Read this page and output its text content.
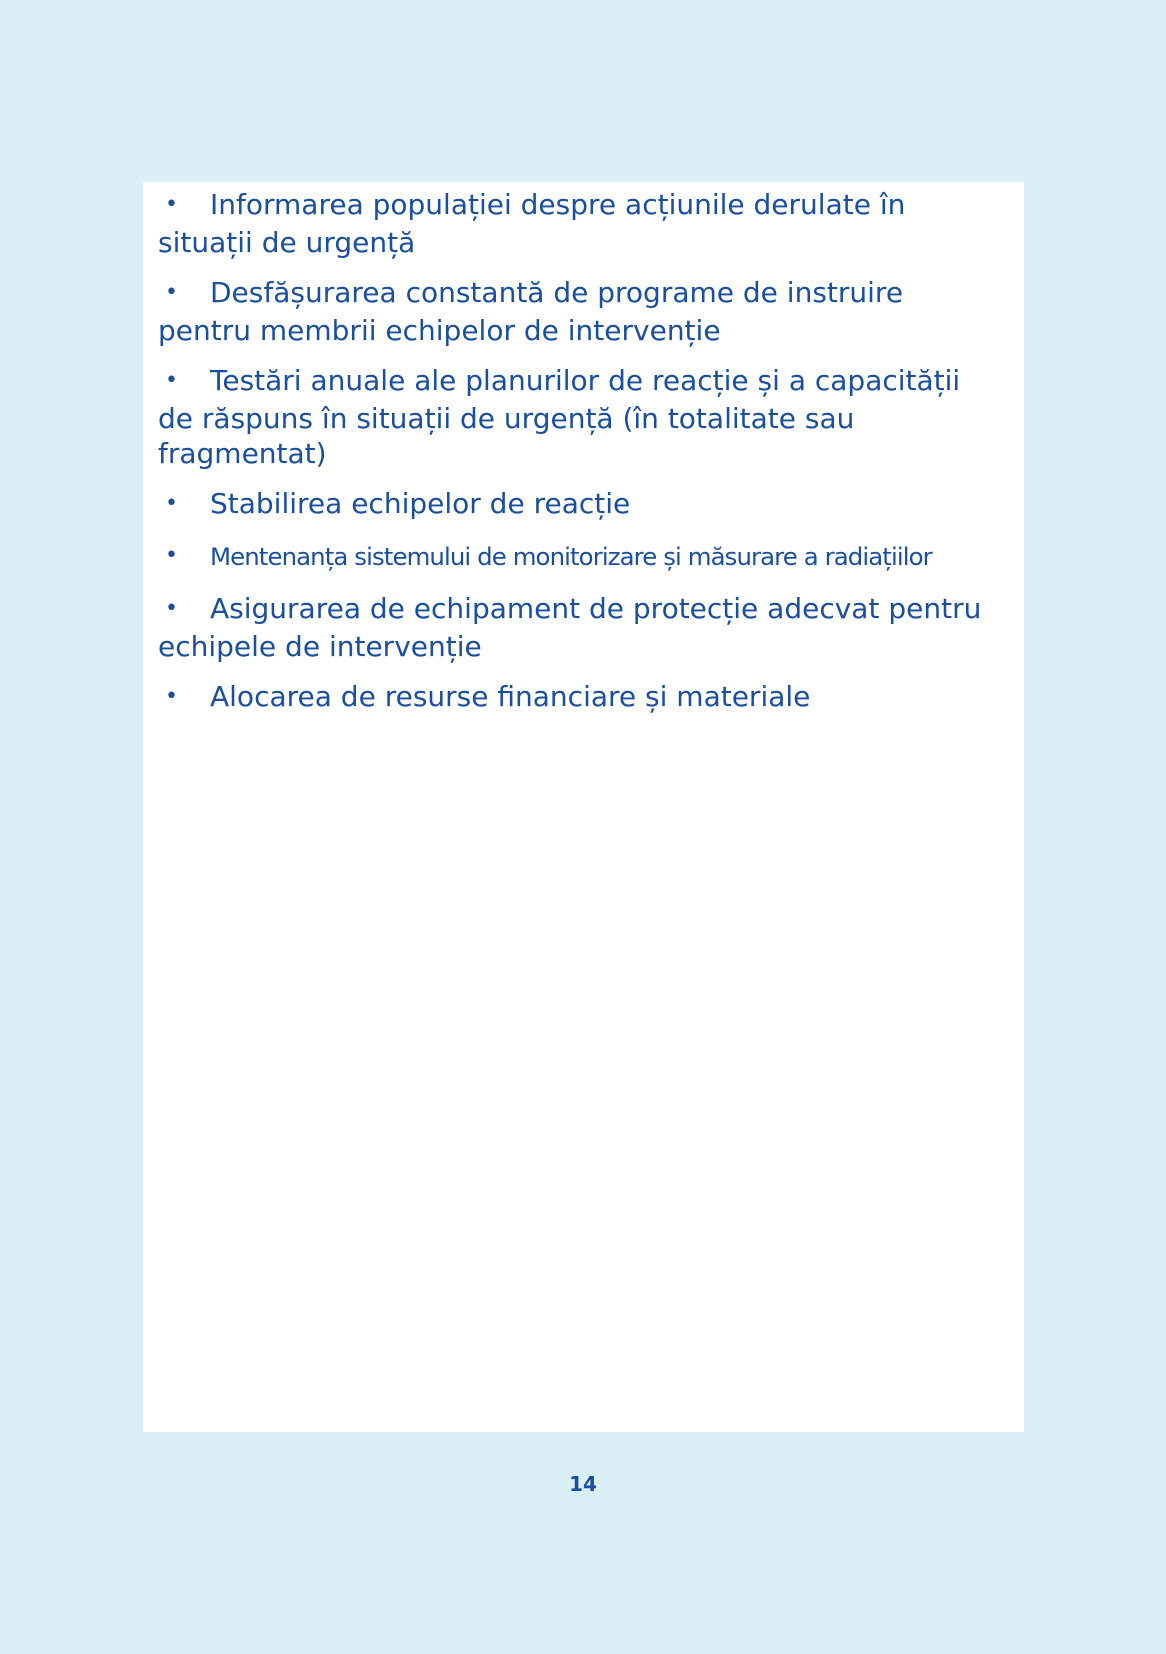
•Informarea populației despre acțiunile derulate în situații de urgență
•Desfășurarea constantă de programe de instruire pentru membrii echipelor de intervenție
•Testări anuale ale planurilor de reacție și a capacității de răspuns în situații de urgență (în totalitate sau fragmentat)
•Stabilirea echipelor de reacție
•Mentenanța sistemului de monitorizare și măsurare a radiațiilor
•Asigurarea de echipament de protecție adecvat pentru echipele de intervenție
•Alocarea de resurse financiare și materiale
14
